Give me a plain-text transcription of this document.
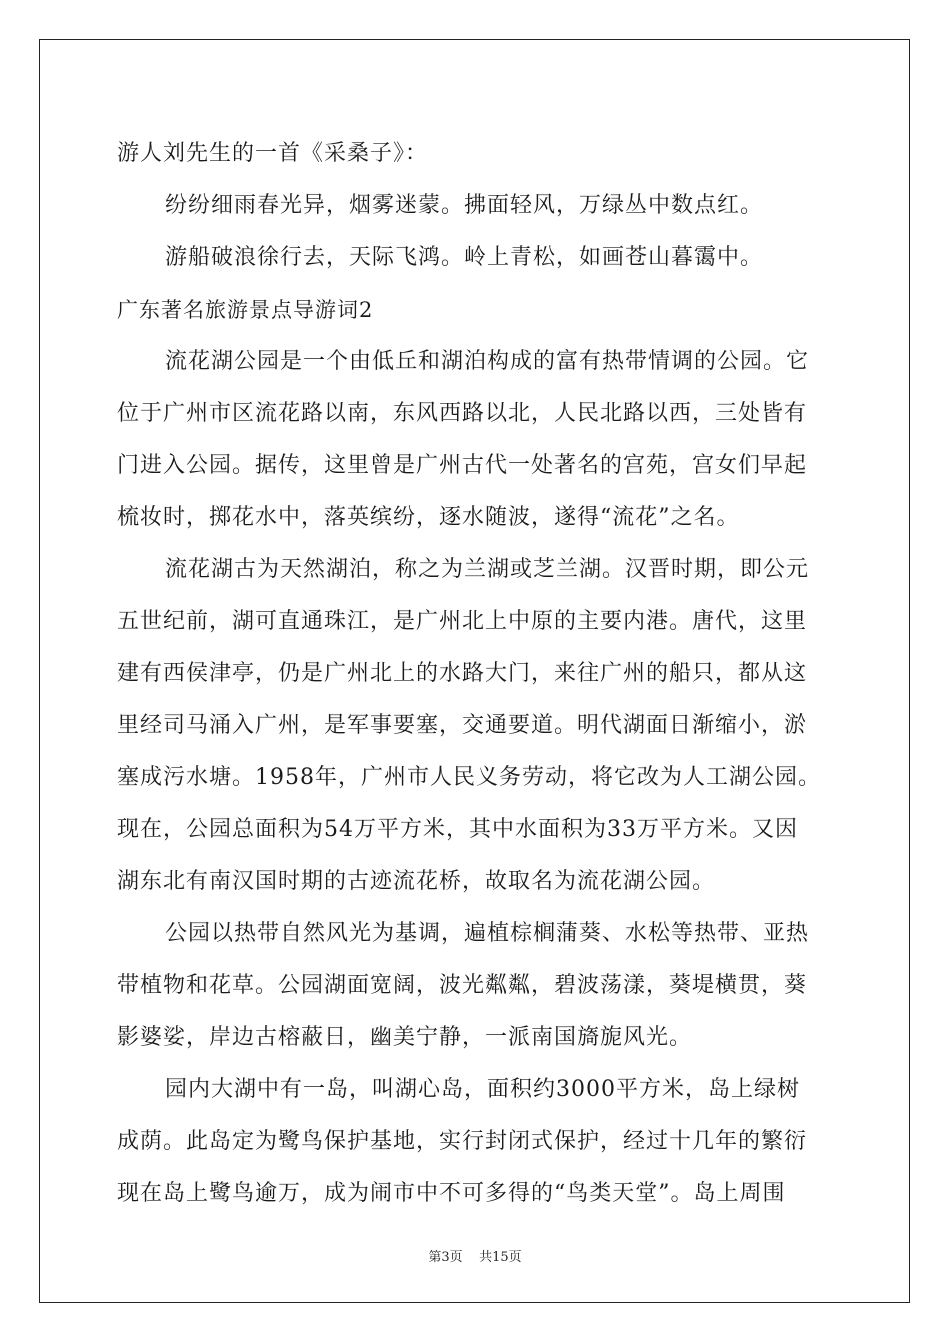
游人刘先生的一首《采桑子》：
纷纷细雨春光异，烟雾迷蒙。拂面轻风，万绿丛中数点红。
游船破浪徐行去，天际飞鸿。岭上青松，如画苍山暮霭中。
广东著名旅游景点导游词2
流花湖公园是一个由低丘和湖泊构成的富有热带情调的公园。它
位于广州市区流花路以南，东风西路以北，人民北路以西，三处皆有
门进入公园。据传，这里曾是广州古代一处著名的宫苑，宫女们早起
梳妆时，掷花水中，落英缤纷，逐水随波，遂得“流花”之名。
流花湖古为天然湖泊，称之为兰湖或芝兰湖。汉晋时期，即公元
五世纪前，湖可直通珠江，是广州北上中原的主要内港。唐代，这里
建有西侯津亭，仍是广州北上的水路大门，来往广州的船只，都从这
里经司马涌入广州，是军事要塞，交通要道。明代湖面日渐缩小，淤
塞成污水塘。1958年，广州市人民义务劳动，将它改为人工湖公园。
现在，公园总面积为54万平方米，其中水面积为33万平方米。又因
湖东北有南汉国时期的古迹流花桥，故取名为流花湖公园。
公园以热带自然风光为基调，遍植棕榈蒲葵、水松等热带、亚热
带植物和花草。公园湖面宽阔，波光粼粼，碧波荡漾，葵堤横贯，葵
影婆娑，岸边古榕蔽日，幽美宁静，一派南国旖旎风光。
园内大湖中有一岛，叫湖心岛，面积约3000平方米，岛上绿树
成荫。此岛定为鹭鸟保护基地，实行封闭式保护，经过十几年的繁衍
现在岛上鹭鸟逾万，成为闹市中不可多得的“鸟类天堂”。岛上周围
第3页    共15页
